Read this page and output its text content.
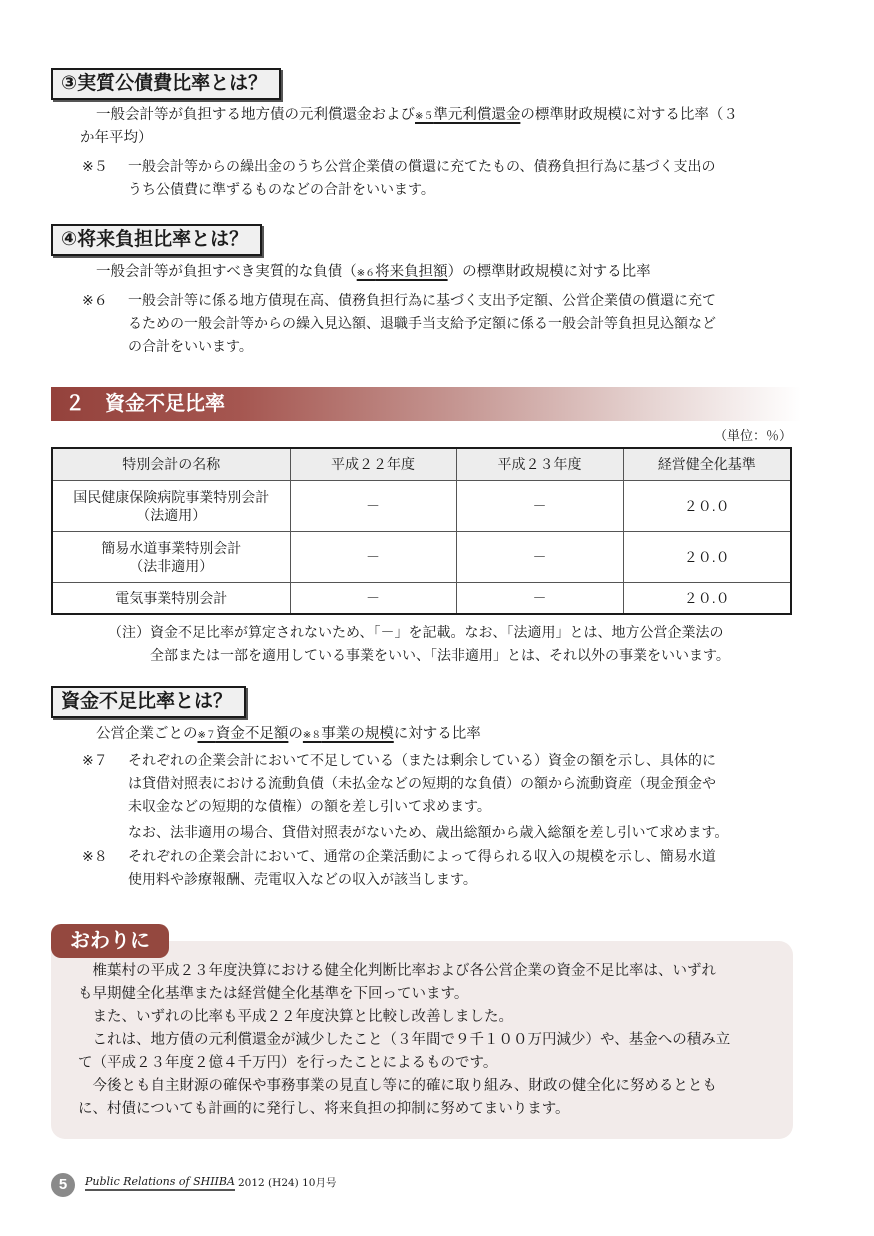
③実質公債費比率とは？
一般会計等が負担する地方債の元利償還金および※５準元利償還金の標準財政規模に対する比率（３
か年平均）
※５	一般会計等からの繰出金のうち公営企業債の償還に充てたもの、債務負担行為に基づく支出の
うち公債費に準ずるものなどの合計をいいます。
④将来負担比率とは？
一般会計等が負担すべき実質的な負債（※６将来負担額）の標準財政規模に対する比率
※６	一般会計等に係る地方債現在高、債務負担行為に基づく支出予定額、公営企業債の償還に充て
るための一般会計等からの繰入見込額、退職手当支給予定額に係る一般会計等負担見込額など
の合計をいいます。
２　資金不足比率
（単位：％）
特別会計の名称	平成２２年度	平成２３年度	経営健全化基準

国民健康保険病院事業特別会計
（法適用）	－	－	２０.０

簡易水道事業特別会計
（法非適用）	－	－	２０.０
電気事業特別会計	－	－	２０.０
（注） 資金不足比率が算定されないため、「－」を記載。なお、「法適用」とは、地方公営企業法の
全部または一部を適用している事業をいい、「法非適用」とは、それ以外の事業をいいます。
資金不足比率とは？
公営企業ごとの※７資金不足額の※８事業の規模に対する比率
※７	それぞれの企業会計において不足している（または剰余している）資金の額を示し、具体的に
は貸借対照表における流動負債（未払金などの短期的な負債）の額から流動資産（現金預金や
未収金などの短期的な債権）の額を差し引いて求めます。
なお、法非適用の場合、貸借対照表がないため、歳出総額から歳入総額を差し引いて求めます。
※８	それぞれの企業会計において、通常の企業活動によって得られる収入の規模を示し、簡易水道
使用料や診療報酬、売電収入などの収入が該当します。
おわりに

　椎葉村の平成２３年度決算における健全化判断比率および各公営企業の資金不足比率は、いずれ

も早期健全化基準または経営健全化基準を下回っています。

　また、いずれの比率も平成２２年度決算と比較し改善しました。

　これは、地方債の元利償還金が減少したこと（３年間で９千１００万円減少）や、基金への積み立

て（平成２３年度２億４千万円）を行ったことによるものです。

　今後とも自主財源の確保や事務事業の見直し等に的確に取り組み、財政の健全化に努めるととも

に、村債についても計画的に発行し、将来負担の抑制に努めてまいります。

5	Public Relations of SHIIBA 2012 (H24) 10月号
